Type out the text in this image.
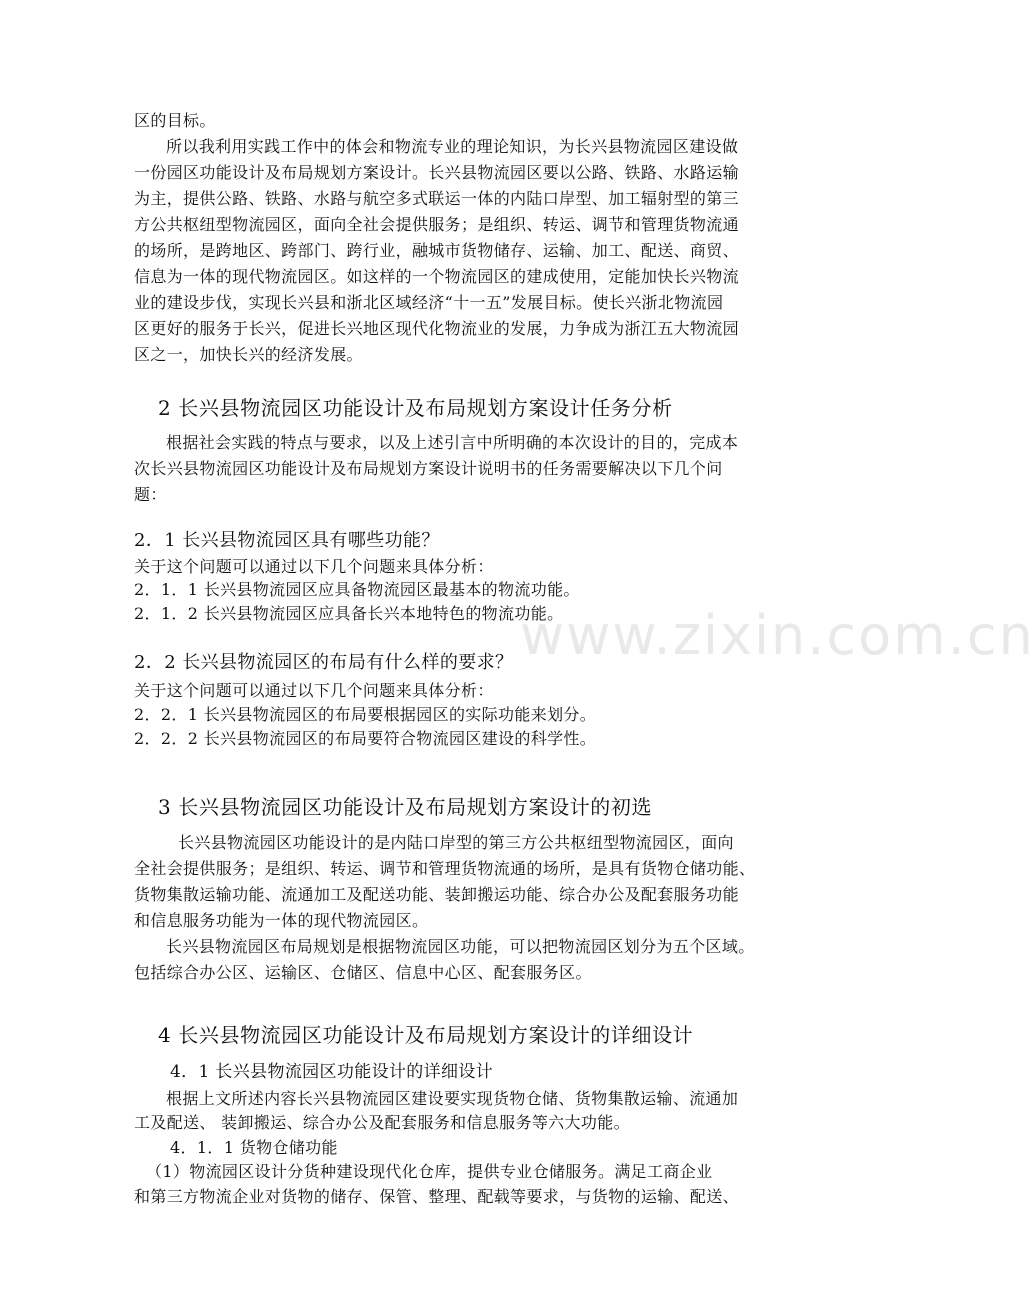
www.zixin.com.cn
区的目标。
所以我利用实践工作中的体会和物流专业的理论知识，为长兴县物流园区建设做
一份园区功能设计及布局规划方案设计。长兴县物流园区要以公路、铁路、水路运输
为主，提供公路、铁路、水路与航空多式联运一体的内陆口岸型、加工辐射型的第三
方公共枢纽型物流园区，面向全社会提供服务；是组织、转运、调节和管理货物流通
的场所，是跨地区、跨部门、跨行业，融城市货物储存、运输、加工、配送、商贸、
信息为一体的现代物流园区。如这样的一个物流园区的建成使用，定能加快长兴物流
业的建设步伐，实现长兴县和浙北区域经济“十一五”发展目标。使长兴浙北物流园
区更好的服务于长兴，促进长兴地区现代化物流业的发展，力争成为浙江五大物流园
区之一，加快长兴的经济发展。
2 长兴县物流园区功能设计及布局规划方案设计任务分析
根据社会实践的特点与要求，以及上述引言中所明确的本次设计的目的，完成本
次长兴县物流园区功能设计及布局规划方案设计说明书的任务需要解决以下几个问
题：
2．1 长兴县物流园区具有哪些功能？
关于这个问题可以通过以下几个问题来具体分析：
2．1．1 长兴县物流园区应具备物流园区最基本的物流功能。
2．1．2 长兴县物流园区应具备长兴本地特色的物流功能。
2．2 长兴县物流园区的布局有什么样的要求？
关于这个问题可以通过以下几个问题来具体分析：
2．2．1 长兴县物流园区的布局要根据园区的实际功能来划分。
2．2．2 长兴县物流园区的布局要符合物流园区建设的科学性。
3 长兴县物流园区功能设计及布局规划方案设计的初选
长兴县物流园区功能设计的是内陆口岸型的第三方公共枢纽型物流园区，面向
全社会提供服务；是组织、转运、调节和管理货物流通的场所，是具有货物仓储功能、
货物集散运输功能、流通加工及配送功能、装卸搬运功能、综合办公及配套服务功能
和信息服务功能为一体的现代物流园区。
长兴县物流园区布局规划是根据物流园区功能，可以把物流园区划分为五个区域。
包括综合办公区、运输区、仓储区、信息中心区、配套服务区。
4 长兴县物流园区功能设计及布局规划方案设计的详细设计
4．1 长兴县物流园区功能设计的详细设计
根据上文所述内容长兴县物流园区建设要实现货物仓储、货物集散运输、流通加
工及配送、 装卸搬运、综合办公及配套服务和信息服务等六大功能。
4．1．1 货物仓储功能
（1）物流园区设计分货种建设现代化仓库，提供专业仓储服务。满足工商企业
和第三方物流企业对货物的储存、保管、整理、配载等要求，与货物的运输、配送、
